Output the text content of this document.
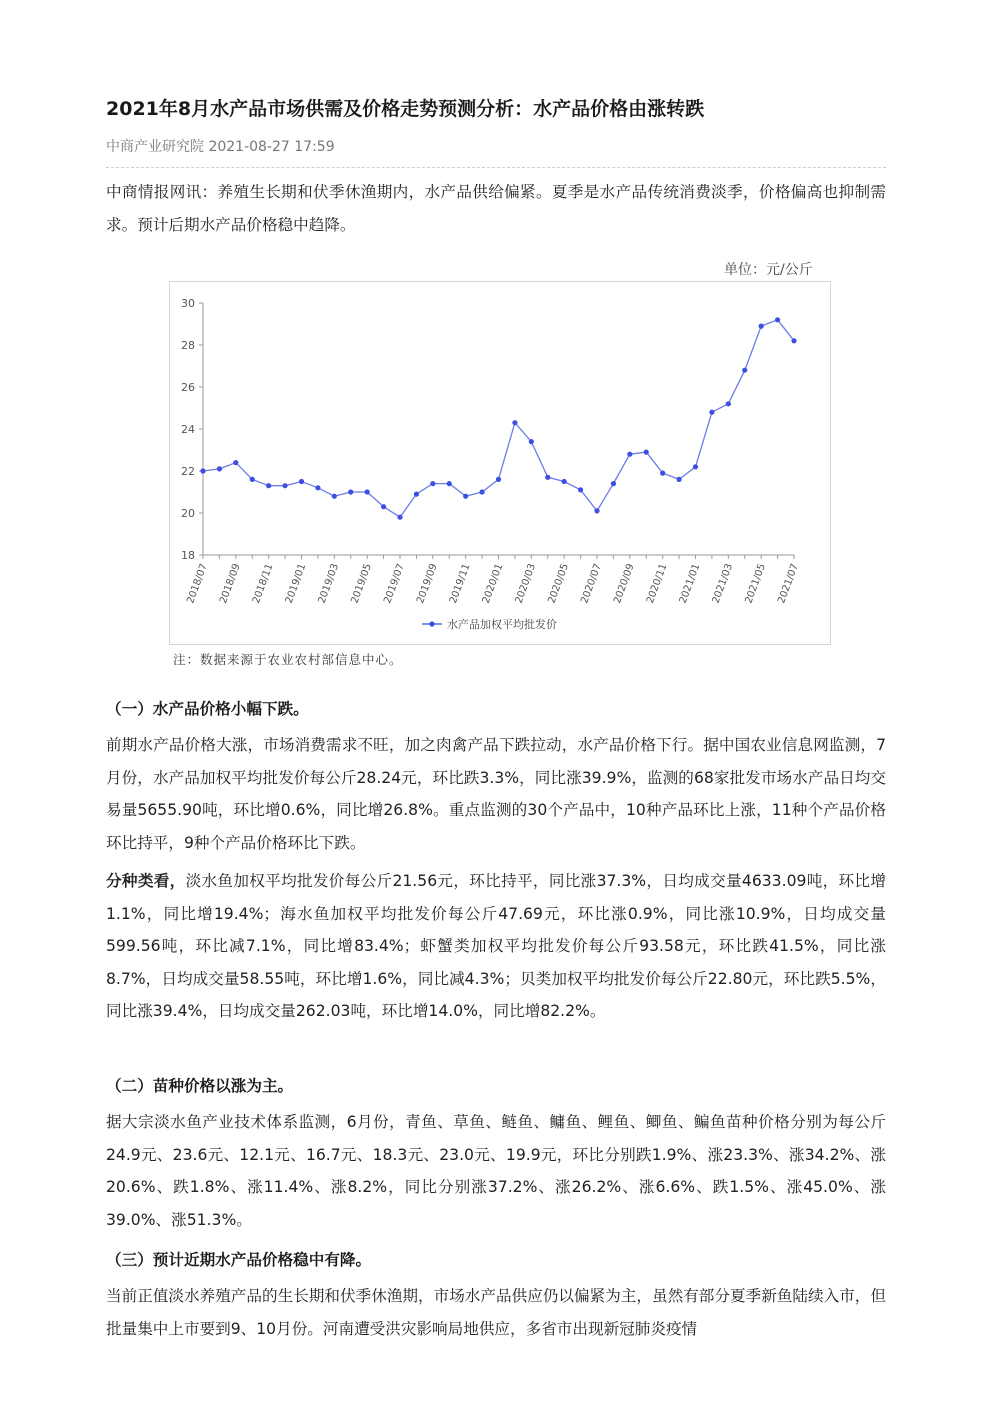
2021年8月水产品市场供需及价格走势预测分析：水产品价格由涨转跌
中商产业研究院 2021-08-27 17:59

中商情报网讯：养殖生长期和伏季休渔期内，水产品供给偏紧。夏季是水产品传统消费淡季，价格偏高也抑制需求。预计后期水产品价格稳中趋降。

单位：元/公斤
18
20
22
24
26
28
30
2018/07 2018/09 2018/11 2019/01 2019/03 2019/05 2019/07 2019/09 2019/11 2020/01 2020/03 2020/05 2020/07 2020/09 2020/11 2021/01 2021/03 2021/05 2021/07
水产品加权平均批发价
注：数据来源于农业农村部信息中心。
（一）水产品价格小幅下跌。

前期水产品价格大涨，市场消费需求不旺，加之肉禽产品下跌拉动，水产品价格下行。据中国农业信息网监测，7月份，水产品加权平均批发价每公斤28.24元，环比跌3.3%，同比涨39.9%，监测的68家批发市场水产品日均交易量5655.90吨，环比增0.6%，同比增26.8%。重点监测的30个产品中，10种产品环比上涨，11种个产品价格环比持平，9种个产品价格环比下跌。

分种类看，淡水鱼加权平均批发价每公斤21.56元，环比持平，同比涨37.3%，日均成交量4633.09吨，环比增1.1%，同比增19.4%；海水鱼加权平均批发价每公斤47.69元，环比涨0.9%，同比涨10.9%，日均成交量599.56吨，环比减7.1%，同比增83.4%；虾蟹类加权平均批发价每公斤93.58元，环比跌41.5%，同比涨8.7%，日均成交量58.55吨，环比增1.6%，同比减4.3%；贝类加权平均批发价每公斤22.80元，环比跌5.5%，同比涨39.4%，日均成交量262.03吨，环比增14.0%，同比增82.2%。

（二）苗种价格以涨为主。

据大宗淡水鱼产业技术体系监测，6月份，青鱼、草鱼、鲢鱼、鳙鱼、鲤鱼、鲫鱼、鳊鱼苗种价格分别为每公斤24.9元、23.6元、12.1元、16.7元、18.3元、23.0元、19.9元，环比分别跌1.9%、涨23.3%、涨34.2%、涨20.6%、跌1.8%、涨11.4%、涨8.2%，同比分别涨37.2%、涨26.2%、涨6.6%、跌1.5%、涨45.0%、涨39.0%、涨51.3%。

（三）预计近期水产品价格稳中有降。

当前正值淡水养殖产品的生长期和伏季休渔期，市场水产品供应仍以偏紧为主，虽然有部分夏季新鱼陆续入市，但批量集中上市要到9、10月份。河南遭受洪灾影响局地供应，多省市出现新冠肺炎疫情
